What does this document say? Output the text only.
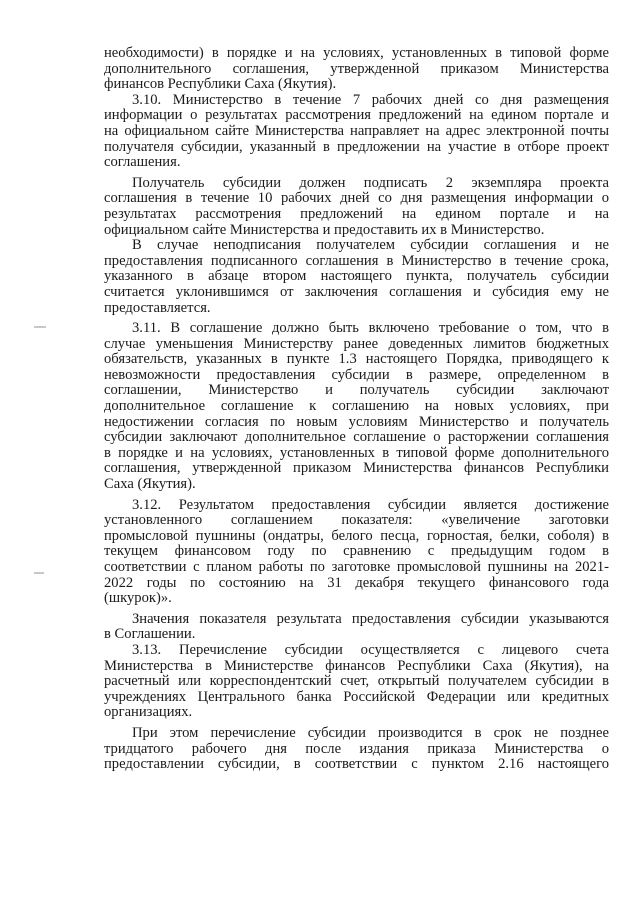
необходимости) в порядке и на условиях, установленных в типовой форме
дополнительного соглашения, утвержденной приказом Министерства
финансов Республики Саха (Якутия).

3.10. Министерство в течение 7 рабочих дней со дня размещения
информации о результатах рассмотрения предложений на едином портале и
на официальном сайте Министерства направляет на адрес электронной почты
получателя субсидии, указанный в предложении на участие в отборе проект
соглашения.

Получатель субсидии должен подписать 2 экземпляра проекта
соглашения в течение 10 рабочих дней со дня размещения информации о
результатах рассмотрения предложений на едином портале и на
официальном сайте Министерства и предоставить их в Министерство.

В случае неподписания получателем субсидии соглашения и не
предоставления подписанного соглашения в Министерство в течение срока,
указанного в абзаце втором настоящего пункта, получатель субсидии
считается уклонившимся от заключения соглашения и субсидия ему не
предоставляется.

3.11. В соглашение должно быть включено требование о том, что в
случае уменьшения Министерству ранее доведенных лимитов бюджетных
обязательств, указанных в пункте 1.3 настоящего Порядка, приводящего к
невозможности предоставления субсидии в размере, определенном в
соглашении, Министерство и получатель субсидии заключают
дополнительное соглашение к соглашению на новых условиях, при
недостижении согласия по новым условиям Министерство и получатель
субсидии заключают дополнительное соглашение о расторжении соглашения
в порядке и на условиях, установленных в типовой форме дополнительного
соглашения, утвержденной приказом Министерства финансов Республики
Саха (Якутия).

3.12. Результатом предоставления субсидии является достижение
установленного соглашением показателя: «увеличение заготовки
промысловой пушнины (ондатры, белого песца, горностая, белки, соболя) в
текущем финансовом году по сравнению с предыдущим годом в
соответствии с планом работы по заготовке промысловой пушнины на 2021-
2022 годы по состоянию на 31 декабря текущего финансового года
(шкурок)».

Значения показателя результата предоставления субсидии указываются
в Соглашении.

3.13. Перечисление субсидии осуществляется с лицевого счета
Министерства в Министерстве финансов Республики Саха (Якутия), на
расчетный или корреспондентский счет, открытый получателем субсидии в
учреждениях Центрального банка Российской Федерации или кредитных
организациях.

При этом перечисление субсидии производится в срок не позднее
тридцатого рабочего дня после издания приказа Министерства о
предоставлении субсидии, в соответствии с пунктом 2.16 настоящего
